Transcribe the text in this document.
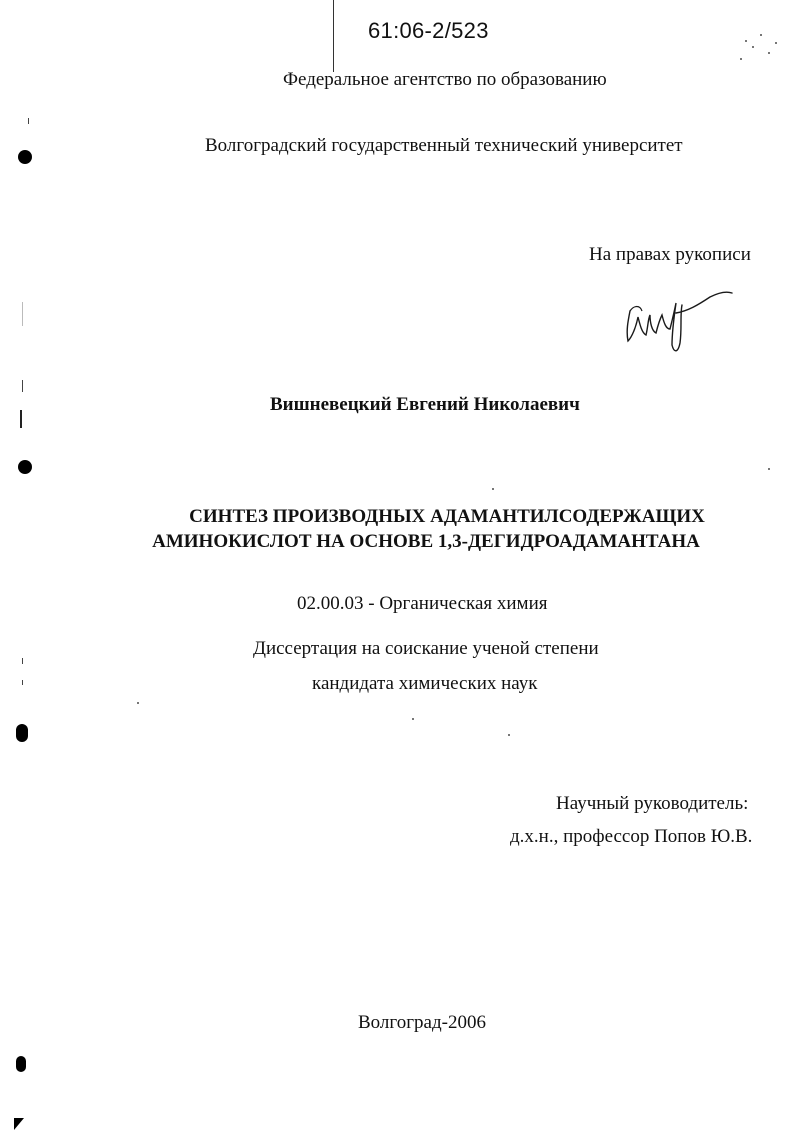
61:06-2/523
Федеральное агентство по образованию
Волгоградский государственный технический университет
На правах рукописи
Вишневецкий Евгений Николаевич
СИНТЕЗ ПРОИЗВОДНЫХ АДАМАНТИЛСОДЕРЖАЩИХ
АМИНОКИСЛОТ НА ОСНОВЕ 1,3-ДЕГИДРОАДАМАНТАНА
02.00.03 - Органическая химия
Диссертация на соискание ученой степени
кандидата химических наук
Научный руководитель:
д.х.н., профессор Попов Ю.В.
Волгоград-2006
